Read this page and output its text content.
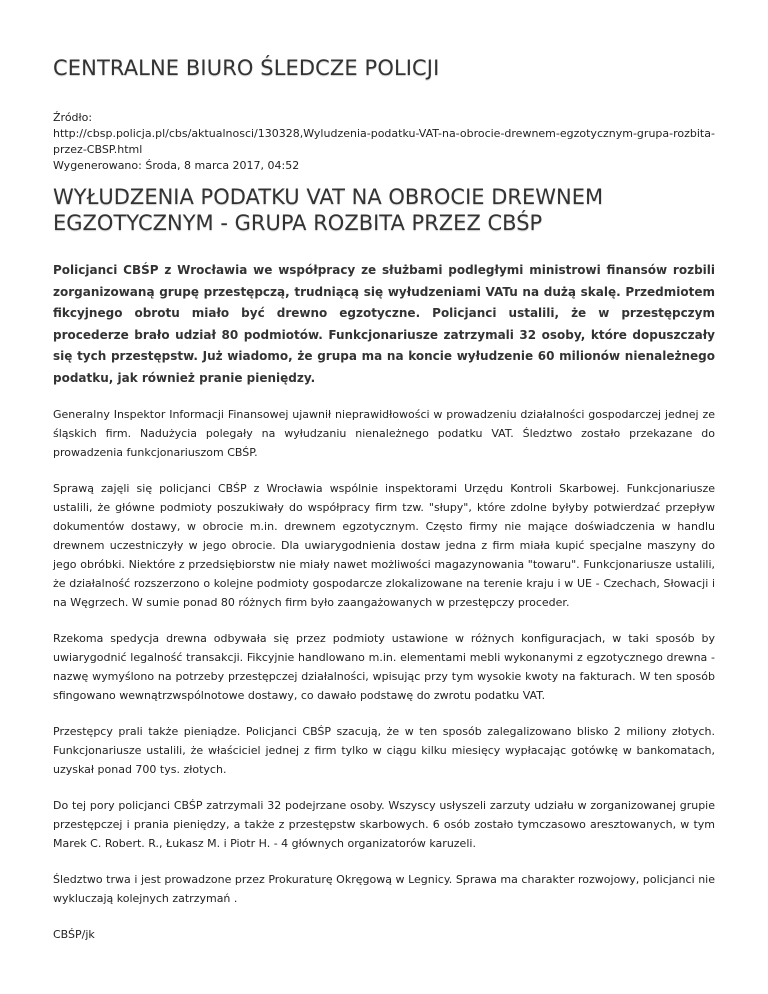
CENTRALNE BIURO ŚLEDCZE POLICJI
Źródło:
http://cbsp.policja.pl/cbs/aktualnosci/130328,Wyludzenia-podatku-VAT-na-obrocie-drewnem-egzotycznym-grupa-rozbita-przez-CBSP.html
Wygenerowano: Środa, 8 marca 2017, 04:52
WYŁUDZENIA PODATKU VAT NA OBROCIE DREWNEM EGZOTYCZNYM - GRUPA ROZBITA PRZEZ CBŚP

Policjanci CBŚP z Wrocławia we współpracy ze służbami podległymi ministrowi finansów rozbili zorganizowaną grupę przestępczą, trudniącą się wyłudzeniami VATu na dużą skalę. Przedmiotem fikcyjnego obrotu miało być drewno egzotyczne. Policjanci ustalili, że w przestępczym procederze brało udział 80 podmiotów. Funkcjonariusze zatrzymali 32 osoby, które dopuszczały się tych przestępstw. Już wiadomo, że grupa ma na koncie wyłudzenie 60 milionów nienależnego podatku, jak również pranie pieniędzy.

Generalny Inspektor Informacji Finansowej ujawnił nieprawidłowości w prowadzeniu działalności gospodarczej jednej ze śląskich firm. Nadużycia polegały na wyłudzaniu nienależnego podatku VAT. Śledztwo zostało przekazane do prowadzenia funkcjonariuszom CBŚP.

Sprawą zajęli się policjanci CBŚP z Wrocławia wspólnie inspektorami Urzędu Kontroli Skarbowej. Funkcjonariusze ustalili, że główne podmioty poszukiwały do współpracy firm tzw. "słupy", które zdolne byłyby potwierdzać przepływ dokumentów dostawy, w obrocie m.in. drewnem egzotycznym. Często firmy nie mające doświadczenia w handlu drewnem uczestniczyły w jego obrocie. Dla uwiarygodnienia dostaw jedna z firm miała kupić specjalne maszyny do jego obróbki. Niektóre z przedsiębiorstw nie miały nawet możliwości magazynowania "towaru". Funkcjonariusze ustalili, że działalność rozszerzono o kolejne podmioty gospodarcze zlokalizowane na terenie kraju i w UE - Czechach, Słowacji i na Węgrzech. W sumie ponad 80 różnych firm było zaangażowanych w przestępczy proceder.

Rzekoma spedycja drewna odbywała się przez podmioty ustawione w różnych konfiguracjach, w taki sposób by uwiarygodnić legalność transakcji. Fikcyjnie handlowano m.in. elementami mebli wykonanymi z egzotycznego drewna - nazwę wymyślono na potrzeby przestępczej działalności, wpisując przy tym wysokie kwoty na fakturach. W ten sposób sfingowano wewnątrzwspólnotowe dostawy, co dawało podstawę do zwrotu podatku VAT.

Przestępcy prali także pieniądze. Policjanci CBŚP szacują, że w ten sposób zalegalizowano blisko 2 miliony złotych. Funkcjonariusze ustalili, że właściciel jednej z firm tylko w ciągu kilku miesięcy wypłacając gotówkę w bankomatach, uzyskał ponad 700 tys. złotych.

Do tej pory policjanci CBŚP zatrzymali 32 podejrzane osoby. Wszyscy usłyszeli zarzuty udziału w zorganizowanej grupie przestępczej i prania pieniędzy, a także z przestępstw skarbowych. 6 osób zostało tymczasowo aresztowanych, w tym Marek C. Robert. R., Łukasz M. i Piotr H. - 4 głównych organizatorów karuzeli.

Śledztwo trwa i jest prowadzone przez Prokuraturę Okręgową w Legnicy. Sprawa ma charakter rozwojowy, policjanci nie wykluczają kolejnych zatrzymań .

CBŚP/jk
